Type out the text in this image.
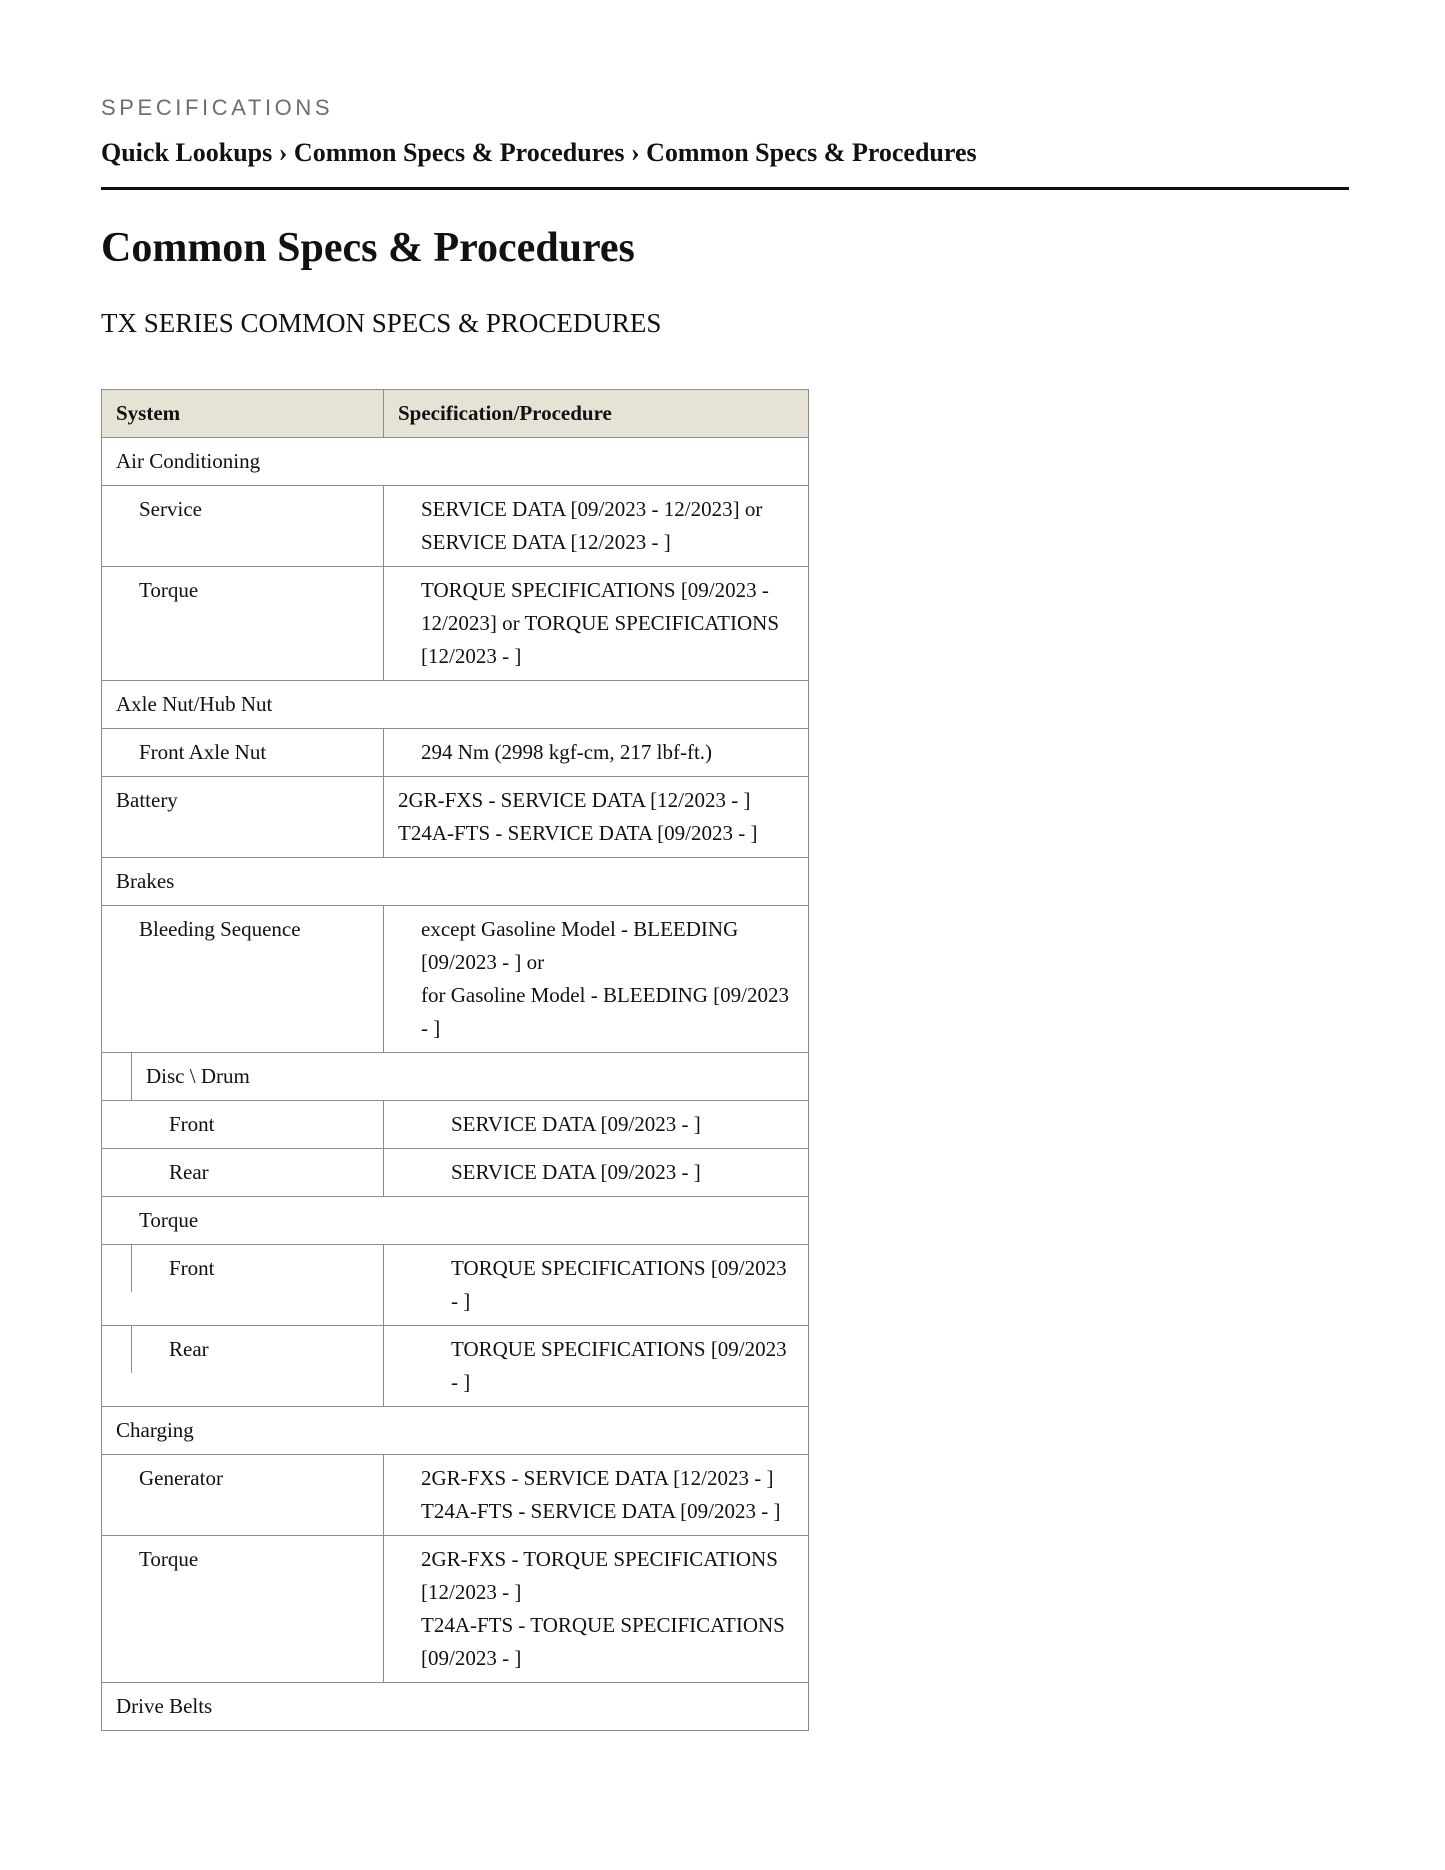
SPECIFICATIONS
Quick Lookups › Common Specs & Procedures › Common Specs & Procedures
Common Specs & Procedures
TX SERIES COMMON SPECS & PROCEDURES
System	Specification/Procedure
Air Conditioning	
Service	SERVICE DATA [09/2023 - 12/2023] or
SERVICE DATA [12/2023 - ]

Torque	TORQUE SPECIFICATIONS [09/2023 - 12/2023] or TORQUE SPECIFICATIONS [12/2023 - ]

Axle Nut/Hub Nut	
Front Axle Nut	294 Nm (2998 kgf-cm, 217 lbf-ft.)

Battery	2GR-FXS - SERVICE DATA [12/2023 - ]
T24A-FTS - SERVICE DATA [09/2023 - ]

Brakes	
Bleeding Sequence	except Gasoline Model - BLEEDING [09/2023 - ] or
for Gasoline Model - BLEEDING [09/2023 - ]

Disc \ Drum	

Front	SERVICE DATA [09/2023 - ]

Rear	SERVICE DATA [09/2023 - ]

Torque	

Front	TORQUE SPECIFICATIONS [09/2023 - ]

Rear	TORQUE SPECIFICATIONS [09/2023 - ]

Charging	
Generator	2GR-FXS - SERVICE DATA [12/2023 - ]
T24A-FTS - SERVICE DATA [09/2023 - ]

Torque	2GR-FXS - TORQUE SPECIFICATIONS [12/2023 - ]
T24A-FTS - TORQUE SPECIFICATIONS [09/2023 - ]

Drive Belts	
